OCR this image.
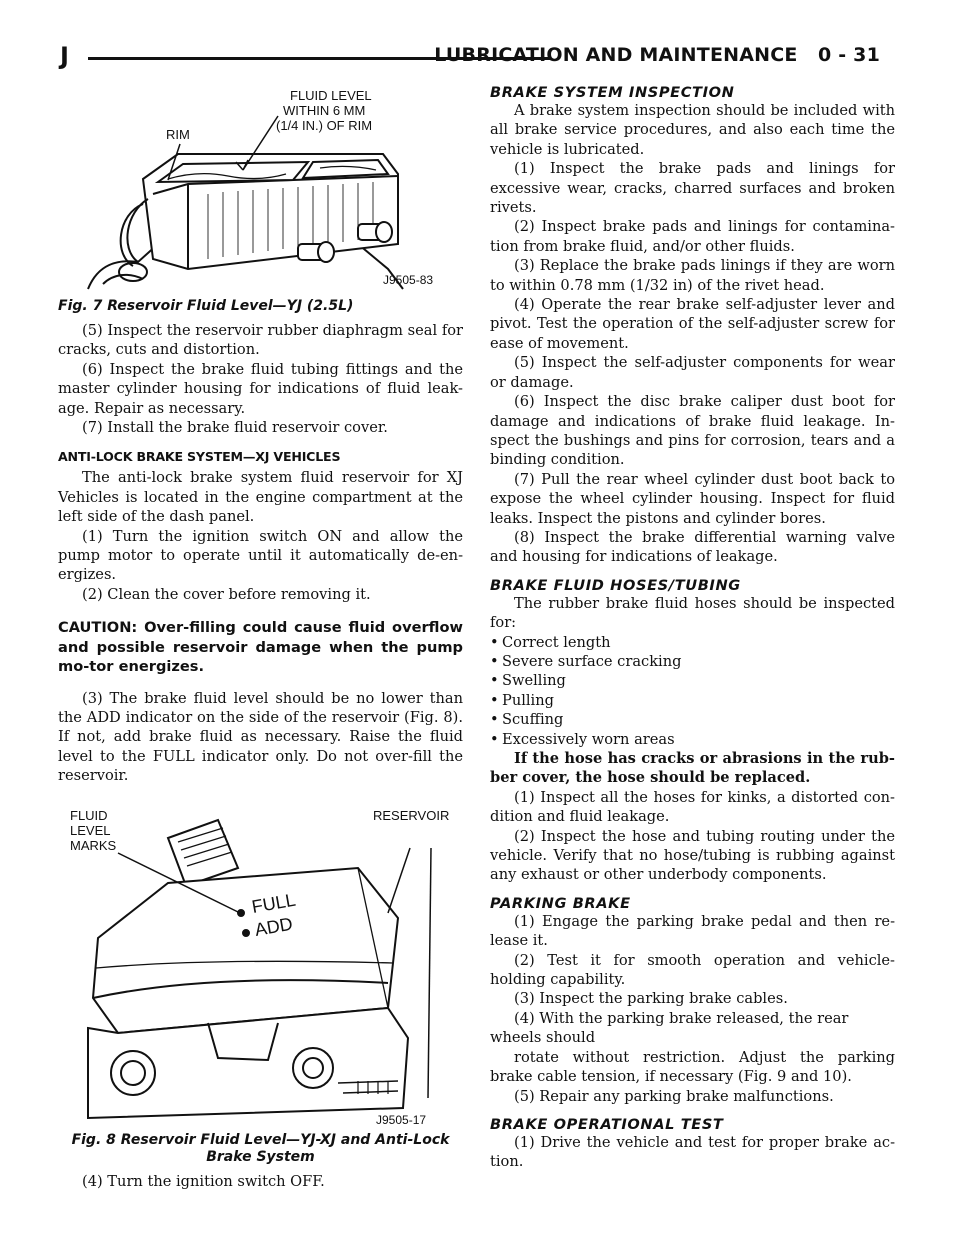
J	LUBRICATION AND MAINTENANCE 0 - 31
RIM
FLUID LEVEL
WITHIN 6 MM
(1/4 IN.) OF RIM
J9505-83
Fig. 7 Reservoir Fluid Level—YJ (2.5L)

(5) Inspect the reservoir rubber diaphragm seal for cracks, cuts and distortion.

(6) Inspect the brake fluid tubing fittings and the master cylinder housing for indications of fluid leak-age. Repair as necessary.

(7) Install the brake fluid reservoir cover.

ANTI-LOCK BRAKE SYSTEM—XJ VEHICLES

The anti-lock brake system fluid reservoir for XJ Vehicles is located in the engine compartment at the left side of the dash panel.

(1) Turn the ignition switch ON and allow the pump motor to operate until it automatically de-en-ergizes.

(2) Clean the cover before removing it.

CAUTION: Over-filling could cause fluid overflow and possible reservoir damage when the pump mo-tor energizes.

(3) The brake fluid level should be no lower than the ADD indicator on the side of the reservoir (Fig. 8). If not, add brake fluid as necessary. Raise the fluid level to the FULL indicator only. Do not over-fill the reservoir.

FULL
ADD
FLUID
LEVEL
MARKS
RESERVOIR
J9505-17
Fig. 8 Reservoir Fluid Level—YJ-XJ and Anti-Lock
Brake System

(4) Turn the ignition switch OFF.

BRAKE SYSTEM INSPECTION

A brake system inspection should be included with all brake service procedures, and also each time the vehicle is lubricated.

(1) Inspect the brake pads and linings for excessive wear, cracks, charred surfaces and broken rivets.

(2) Inspect brake pads and linings for contamina-tion from brake fluid, and/or other fluids.

(3) Replace the brake pads linings if they are worn to within 0.78 mm (1/32 in) of the rivet head.

(4) Operate the rear brake self-adjuster lever and pivot. Test the operation of the self-adjuster screw for ease of movement.

(5) Inspect the self-adjuster components for wear or damage.

(6) Inspect the disc brake caliper dust boot for damage and indications of brake fluid leakage. In-spect the bushings and pins for corrosion, tears and a binding condition.

(7) Pull the rear wheel cylinder dust boot back to expose the wheel cylinder housing. Inspect for fluid leaks. Inspect the pistons and cylinder bores.

(8) Inspect the brake differential warning valve and housing for indications of leakage.

BRAKE FLUID HOSES/TUBING

The rubber brake fluid hoses should be inspected for:

• Correct length
• Severe surface cracking
• Swelling
• Pulling
• Scuffing
• Excessively worn areas

If the hose has cracks or abrasions in the rub-ber cover, the hose should be replaced.

(1) Inspect all the hoses for kinks, a distorted con-dition and fluid leakage.

(2) Inspect the hose and tubing routing under the vehicle. Verify that no hose/tubing is rubbing against any exhaust or other underbody components.

PARKING BRAKE

(1) Engage the parking brake pedal and then re-lease it.

(2) Test it for smooth operation and vehicle-holding capability.

(3) Inspect the parking brake cables.

(4) With the parking brake released, the rear wheels should

rotate without restriction. Adjust the parking brake cable tension, if necessary (Fig. 9 and 10).

(5) Repair any parking brake malfunctions.

BRAKE OPERATIONAL TEST

(1) Drive the vehicle and test for proper brake ac-tion.
